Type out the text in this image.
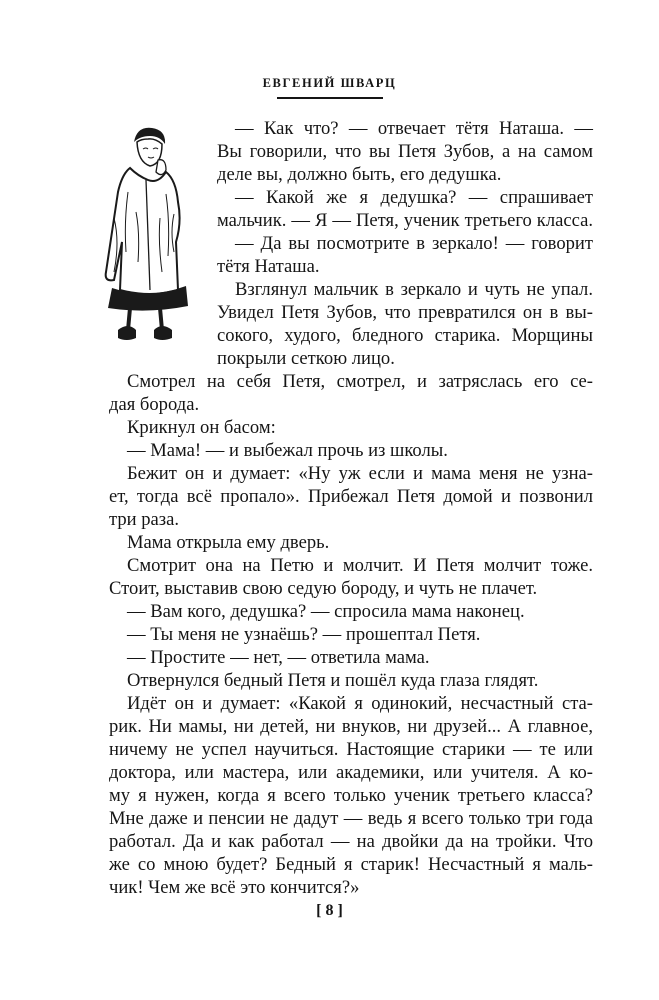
ЕВГЕНИЙ ШВАРЦ

— Как что? — отвечает тётя Наташа. —

Вы говорили, что вы Петя Зубов, а на самом

деле вы, должно быть, его дедушка.

— Какой же я дедушка? — спрашивает

мальчик. — Я — Петя, ученик третьего класса.

— Да вы посмотрите в зеркало! — говорит

тётя Наташа.

Взглянул мальчик в зеркало и чуть не упал.

Увидел Петя Зубов, что превратился он в вы-

сокого, худого, бледного старика. Морщины

покрыли сеткою лицо.

Смотрел на себя Петя, смотрел, и затряслась его се-

дая борода.

Крикнул он басом:

— Мама! — и выбежал прочь из школы.

Бежит он и думает: «Ну уж если и мама меня не узна-

ет, тогда всё пропало». Прибежал Петя домой и позвонил

три раза.

Мама открыла ему дверь.

Смотрит она на Петю и молчит. И Петя молчит тоже.

Стоит, выставив свою седую бороду, и чуть не плачет.

— Вам кого, дедушка? — спросила мама наконец.

— Ты меня не узнаёшь? — прошептал Петя.

— Простите — нет, — ответила мама.

Отвернулся бедный Петя и пошёл куда глаза глядят.

Идёт он и думает: «Какой я одинокий, несчастный ста-

рик. Ни мамы, ни детей, ни внуков, ни друзей... А главное,

ничему не успел научиться. Настоящие старики — те или

доктора, или мастера, или академики, или учителя. А ко-

му я нужен, когда я всего только ученик третьего класса?

Мне даже и пенсии не дадут — ведь я всего только три года

работал. Да и как работал — на двойки да на тройки. Что

же со мною будет? Бедный я старик! Несчастный я маль-

чик! Чем же всё это кончится?»

[ 8 ]
